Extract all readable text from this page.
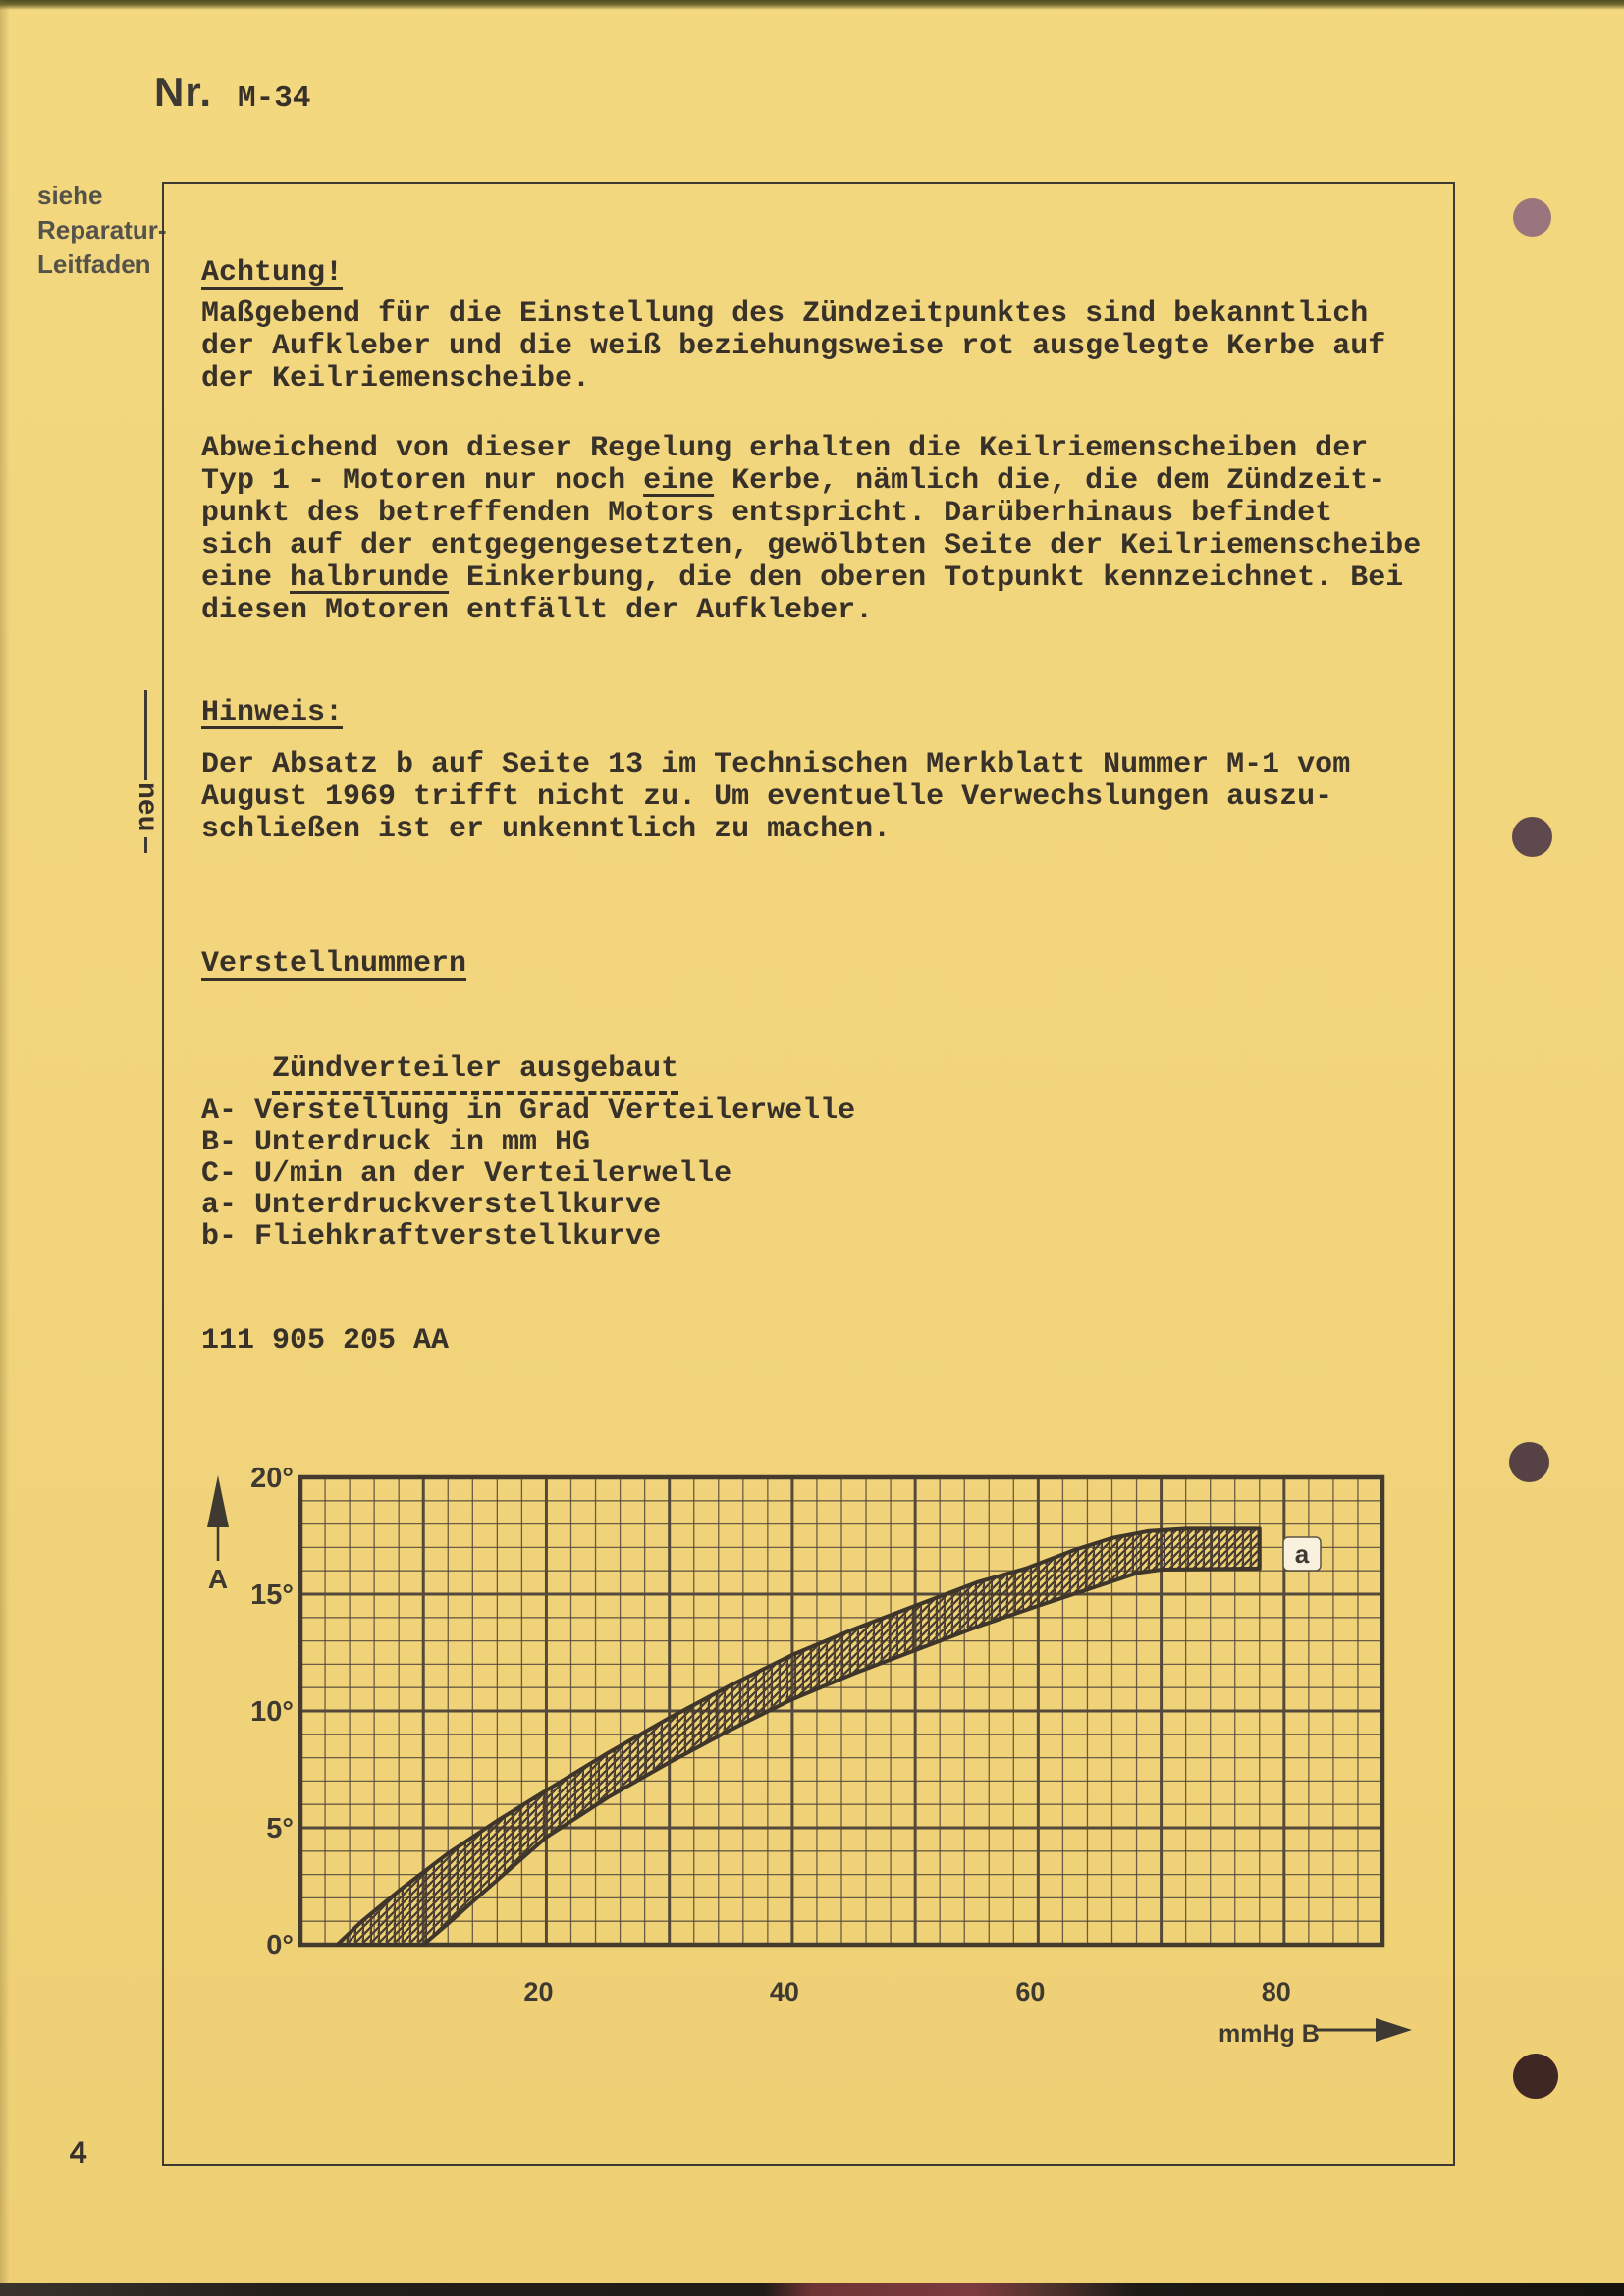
Nr. M-34
siehe
Reparatur-
Leitfaden
neu
Achtung!
Maßgebend für die Einstellung des Zündzeitpunktes sind bekanntlich
der Aufkleber und die weiß beziehungsweise rot ausgelegte Kerbe auf
der Keilriemenscheibe.
Abweichend von dieser Regelung erhalten die Keilriemenscheiben der
Typ 1 - Motoren nur noch eine Kerbe, nämlich die, die dem Zündzeit-
punkt des betreffenden Motors entspricht. Darüberhinaus befindet
sich auf der entgegengesetzten, gewölbten Seite der Keilriemenscheibe
eine halbrunde Einkerbung, die den oberen Totpunkt kennzeichnet. Bei
diesen Motoren entfällt der Aufkleber.
Hinweis:
Der Absatz b auf Seite 13 im Technischen Merkblatt Nummer M-1 vom
August 1969 trifft nicht zu. Um eventuelle Verwechslungen auszu-
schließen ist er unkenntlich zu machen.
Verstellnummern

Zündverteiler ausgebaut

A- Verstellung in Grad Verteilerwelle
B- Unterdruck in mm HG
C- U/min an der Verteilerwelle
a- Unterdruckverstellkurve
b- Fliehkraftverstellkurve
111 905 205 AA
20°
15°
10°
5°
0°
20	40	60	80
A
mmHg B
a
4
